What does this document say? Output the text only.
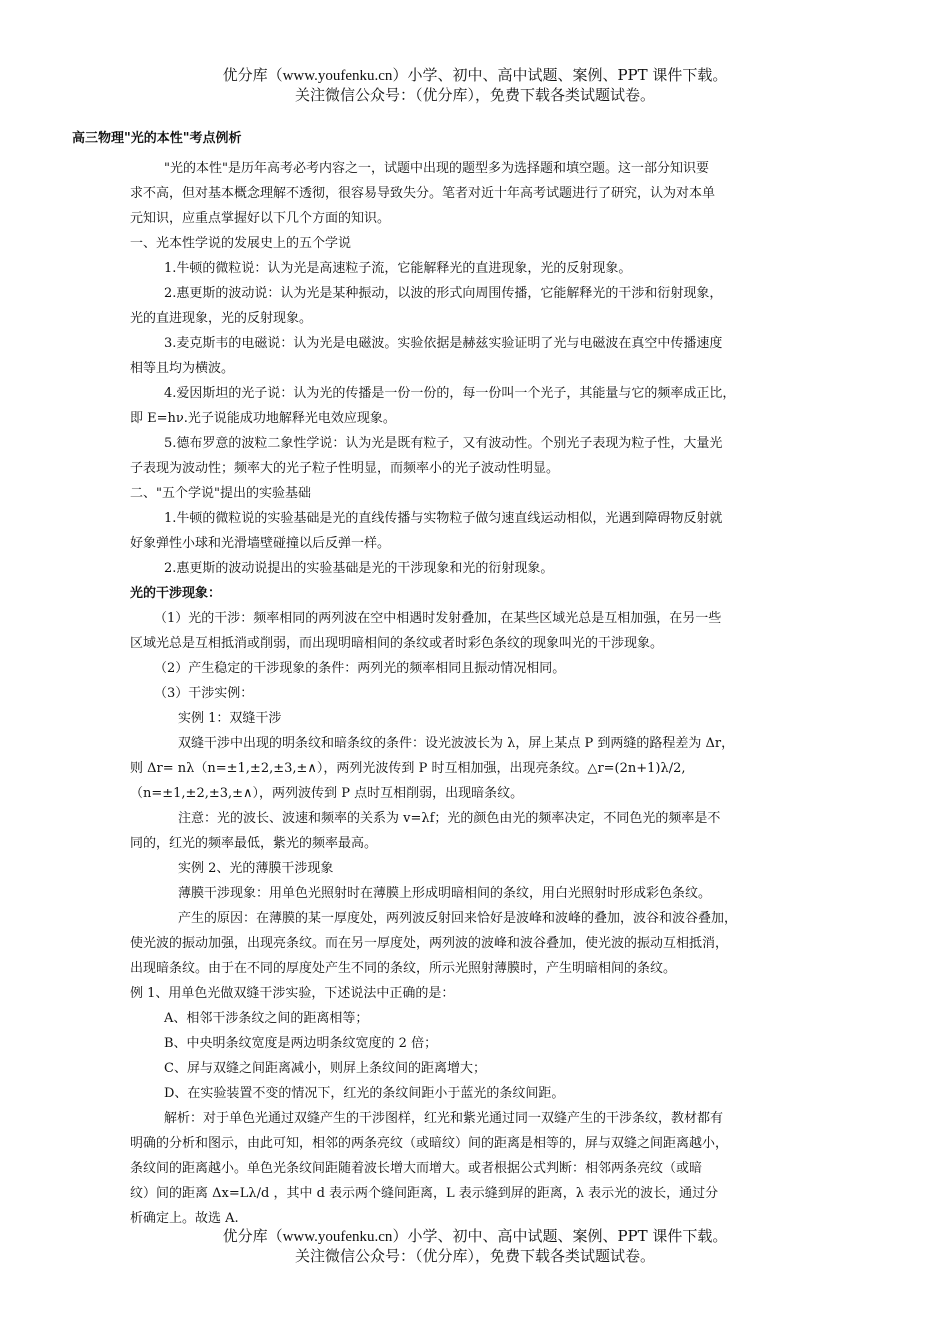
优分库（www.youfenku.cn）小学、初中、高中试题、案例、PPT 课件下载。
关注微信公众号：（优分库），免费下载各类试题试卷。

高三物理"光的本性"考点例析

"光的本性"是历年高考必考内容之一，试题中出现的题型多为选择题和填空题。这一部分知识要

求不高，但对基本概念理解不透彻，很容易导致失分。笔者对近十年高考试题进行了研究，认为对本单

元知识，应重点掌握好以下几个方面的知识。

一、光本性学说的发展史上的五个学说

1.牛顿的微粒说：认为光是高速粒子流，它能解释光的直进现象，光的反射现象。

2.惠更斯的波动说：认为光是某种振动，以波的形式向周围传播，它能解释光的干涉和衍射现象，

光的直进现象，光的反射现象。

3.麦克斯韦的电磁说：认为光是电磁波。实验依据是赫兹实验证明了光与电磁波在真空中传播速度

相等且均为横波。

4.爱因斯坦的光子说：认为光的传播是一份一份的，每一份叫一个光子，其能量与它的频率成正比，

即 E=hν.光子说能成功地解释光电效应现象。

5.德布罗意的波粒二象性学说：认为光是既有粒子，又有波动性。个别光子表现为粒子性，大量光

子表现为波动性；频率大的光子粒子性明显，而频率小的光子波动性明显。

二、"五个学说"提出的实验基础

1.牛顿的微粒说的实验基础是光的直线传播与实物粒子做匀速直线运动相似，光遇到障碍物反射就

好象弹性小球和光滑墙壁碰撞以后反弹一样。

2.惠更斯的波动说提出的实验基础是光的干涉现象和光的衍射现象。

光的干涉现象：

（1）光的干涉：频率相同的两列波在空中相遇时发射叠加，在某些区域光总是互相加强，在另一些

区域光总是互相抵消或削弱，而出现明暗相间的条纹或者时彩色条纹的现象叫光的干涉现象。

（2）产生稳定的干涉现象的条件：两列光的频率相同且振动情况相同。

（3）干涉实例：

实例 1：双缝干涉

双缝干涉中出现的明条纹和暗条纹的条件：设光波波长为 λ，屏上某点 P 到两缝的路程差为 Δr，

则 Δr= nλ（n=±1,±2,±3,±∧），两列光波传到 P 时互相加强，出现亮条纹。△r=(2n+1)λ/2,

（n=±1,±2,±3,±∧），两列波传到 P 点时互相削弱，出现暗条纹。

注意：光的波长、波速和频率的关系为 v=λf；光的颜色由光的频率决定，不同色光的频率是不

同的，红光的频率最低，紫光的频率最高。

实例 2、光的薄膜干涉现象

薄膜干涉现象：用单色光照射时在薄膜上形成明暗相间的条纹，用白光照射时形成彩色条纹。

产生的原因：在薄膜的某一厚度处，两列波反射回来恰好是波峰和波峰的叠加，波谷和波谷叠加，

使光波的振动加强，出现亮条纹。而在另一厚度处，两列波的波峰和波谷叠加，使光波的振动互相抵消，

出现暗条纹。由于在不同的厚度处产生不同的条纹，所示光照射薄膜时，产生明暗相间的条纹。

例 1、用单色光做双缝干涉实验，下述说法中正确的是：

A、相邻干涉条纹之间的距离相等；

B、中央明条纹宽度是两边明条纹宽度的 2 倍；

C、屏与双缝之间距离减小，则屏上条纹间的距离增大；

D、在实验装置不变的情况下，红光的条纹间距小于蓝光的条纹间距。

解析：对于单色光通过双缝产生的干涉图样，红光和紫光通过同一双缝产生的干涉条纹，教材都有

明确的分析和图示，由此可知，相邻的两条亮纹（或暗纹）间的距离是相等的，屏与双缝之间距离越小，

条纹间的距离越小。单色光条纹间距随着波长增大而增大。或者根据公式判断：相邻两条亮纹（或暗

纹）间的距离 Δx=Lλ/d ，其中 d 表示两个缝间距离，L 表示缝到屏的距离，λ 表示光的波长，通过分

析确定上。故选 A.

优分库（www.youfenku.cn）小学、初中、高中试题、案例、PPT 课件下载。
关注微信公众号：（优分库），免费下载各类试题试卷。
